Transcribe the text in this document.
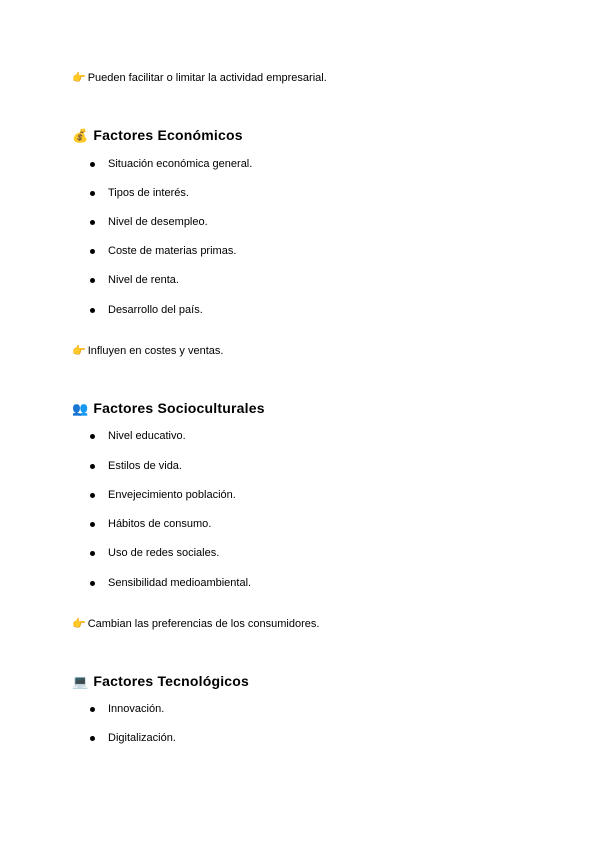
👉 Pueden facilitar o limitar la actividad empresarial.
💰 Factores Económicos
Situación económica general.
Tipos de interés.
Nivel de desempleo.
Coste de materias primas.
Nivel de renta.
Desarrollo del país.
👉 Influyen en costes y ventas.
👥 Factores Socioculturales
Nivel educativo.
Estilos de vida.
Envejecimiento población.
Hábitos de consumo.
Uso de redes sociales.
Sensibilidad medioambiental.
👉 Cambian las preferencias de los consumidores.
💻 Factores Tecnológicos
Innovación.
Digitalización.
